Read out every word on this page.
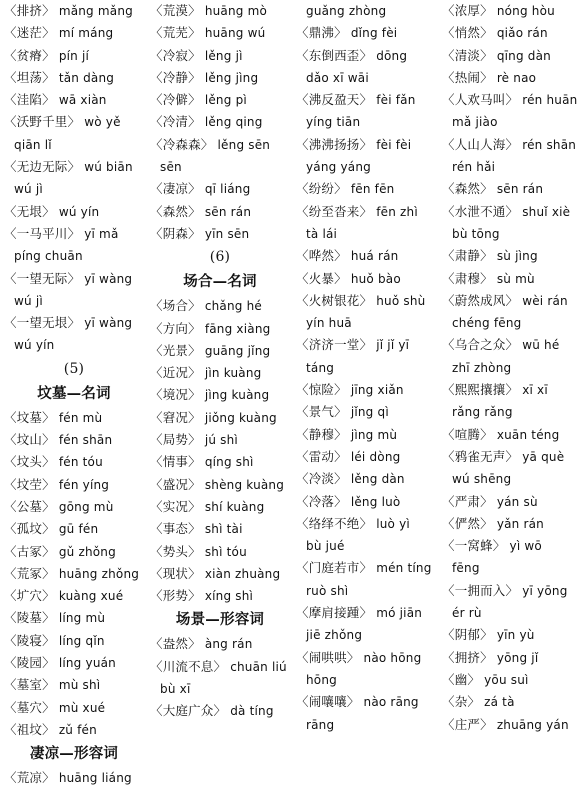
〈排挤〉 mǎng mǎng
〈迷茫〉 mí máng
〈贫瘠〉 pín jí
〈坦荡〉 tǎn dàng
〈洼陷〉 wā xiàn
〈沃野千里〉 wò yě
qiān lǐ
〈无边无际〉 wú biān
wú jì
〈无垠〉 wú yín
〈一马平川〉 yī mǎ
píng chuān
〈一望无际〉 yī wàng
wú jì
〈一望无垠〉 yī wàng
wú yín
(5)
坟墓—名词
〈坟墓〉 fén mù
〈坟山〉 fén shān
〈坟头〉 fén tóu
〈坟茔〉 fén yíng
〈公墓〉 gōng mù
〈孤坟〉 gū fén
〈古冢〉 gǔ zhǒng
〈荒冢〉 huāng zhǒng
〈圹穴〉 kuàng xué
〈陵墓〉 líng mù
〈陵寝〉 líng qǐn
〈陵园〉 líng yuán
〈墓室〉 mù shì
〈墓穴〉 mù xué
〈祖坟〉 zǔ fén
凄凉—形容词
〈荒凉〉 huāng liáng
〈荒漠〉 huāng mò
〈荒芜〉 huāng wú
〈冷寂〉 lěng jì
〈冷静〉 lěng jìng
〈冷僻〉 lěng pì
〈冷清〉 lěng qing
〈冷森森〉 lěng sēn
sēn
〈凄凉〉 qī liáng
〈森然〉 sēn rán
〈阴森〉 yīn sēn
(6)
场合—名词
〈场合〉 chǎng hé
〈方向〉 fāng xiàng
〈光景〉 guāng jǐng
〈近况〉 jìn kuàng
〈境况〉 jìng kuàng
〈窘况〉 jiǒng kuàng
〈局势〉 jú shì
〈情事〉 qíng shì
〈盛况〉 shèng kuàng
〈实况〉 shí kuàng
〈事态〉 shì tài
〈势头〉 shì tóu
〈现状〉 xiàn zhuàng
〈形势〉 xíng shì
场景—形容词
〈盎然〉 àng rán
〈川流不息〉 chuān liú
bù xī
〈大庭广众〉 dà tíng
guǎng zhòng
〈鼎沸〉 dǐng fèi
〈东倒西歪〉 dōng
dǎo xī wāi
〈沸反盈天〉 fèi fǎn
yíng tiān
〈沸沸扬扬〉 fèi fèi
yáng yáng
〈纷纷〉 fēn fēn
〈纷至沓来〉 fēn zhì
tà lái
〈哗然〉 huá rán
〈火暴〉 huǒ bào
〈火树银花〉 huǒ shù
yín huā
〈济济一堂〉 jǐ jǐ yī
táng
〈惊险〉 jīng xiǎn
〈景气〉 jǐng qì
〈静穆〉 jìng mù
〈雷动〉 léi dòng
〈冷淡〉 lěng dàn
〈冷落〉 lěng luò
〈络绎不绝〉 luò yì
bù jué
〈门庭若市〉 mén tíng
ruò shì
〈摩肩接踵〉 mó jiān
jiē zhǒng
〈闹哄哄〉 nào hōng
hōng
〈闹嚷嚷〉 nào rāng
rāng
〈浓厚〉 nóng hòu
〈悄然〉 qiǎo rán
〈清淡〉 qīng dàn
〈热闹〉 rè nao
〈人欢马叫〉 rén huān
mǎ jiào
〈人山人海〉 rén shān
rén hǎi
〈森然〉 sēn rán
〈水泄不通〉 shuǐ xiè
bù tōng
〈肃静〉 sù jìng
〈肃穆〉 sù mù
〈蔚然成风〉 wèi rán
chéng fēng
〈乌合之众〉 wū hé
zhī zhòng
〈熙熙攘攘〉 xī xī
rǎng rǎng
〈喧腾〉 xuān téng
〈鸦雀无声〉 yā què
wú shēng
〈严肃〉 yán sù
〈俨然〉 yǎn rán
〈一窝蜂〉 yì wō
fēng
〈一拥而入〉 yī yōng
ér rù
〈阴郁〉 yīn yù
〈拥挤〉 yōng jǐ
〈幽〉 yōu suì
〈杂〉 zá tà
〈庄严〉 zhuāng yán
